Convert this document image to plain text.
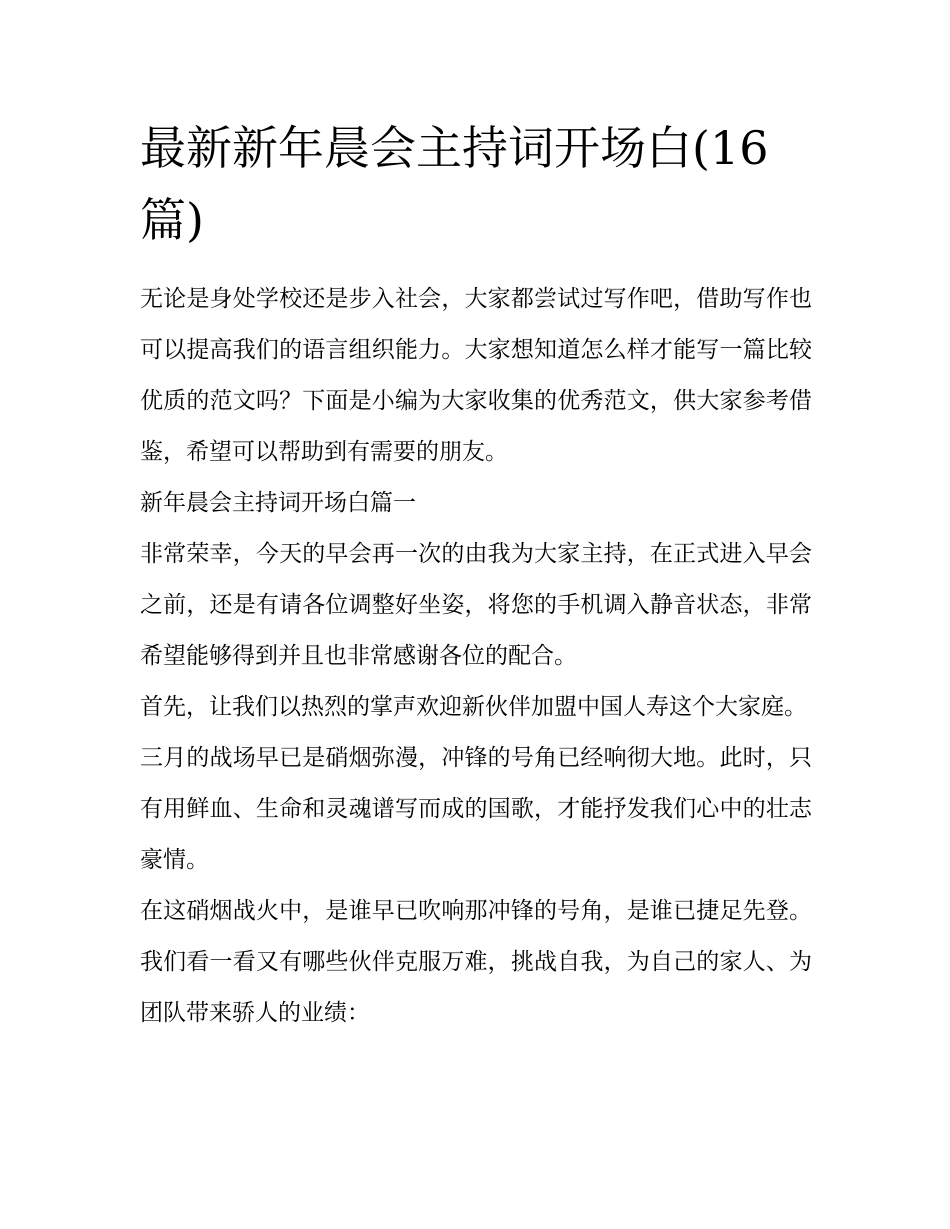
最新新年晨会主持词开场白(16篇)

无论是身处学校还是步入社会，大家都尝试过写作吧，借助写作也可以提高我们的语言组织能力。大家想知道怎么样才能写一篇比较优质的范文吗？下面是小编为大家收集的优秀范文，供大家参考借鉴，希望可以帮助到有需要的朋友。

新年晨会主持词开场白篇一

非常荣幸，今天的早会再一次的由我为大家主持，在正式进入早会之前，还是有请各位调整好坐姿，将您的手机调入静音状态，非常希望能够得到并且也非常感谢各位的配合。

首先，让我们以热烈的掌声欢迎新伙伴加盟中国人寿这个大家庭。

三月的战场早已是硝烟弥漫，冲锋的号角已经响彻大地。此时，只有用鲜血、生命和灵魂谱写而成的国歌，才能抒发我们心中的壮志豪情。

在这硝烟战火中，是谁早已吹响那冲锋的号角，是谁已捷足先登。我们看一看又有哪些伙伴克服万难，挑战自我，为自己的家人、为团队带来骄人的业绩：
